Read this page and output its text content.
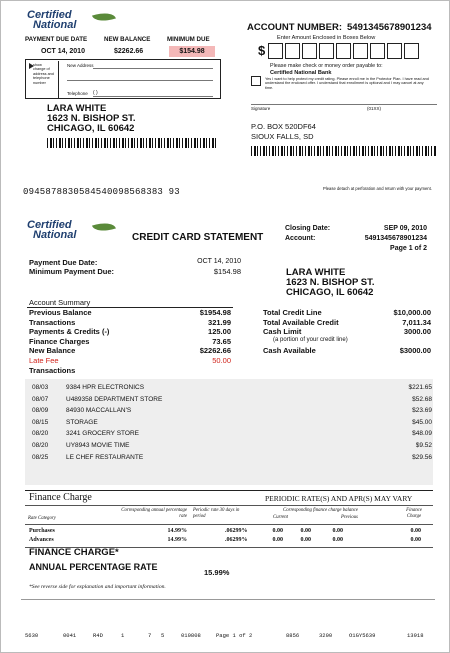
Certified
National
PAYMENT DUE DATE	NEW BALANCE	MINIMUM DUE
OCT 14, 2010	$2262.66	$154.98
show change of address and telephone number
New Address
Telephone ( )
LARA WHITE
1623 N. BISHOP ST.
CHICAGO, IL 60642
ACCOUNT NUMBER: 5491345678901234
Enter Amount Enclosed in Boxes Below
$
Please make check or money order payable to:
Certified National Bank
Yes I want to help protect my credit rating. Please enroll me in the Protector Plan. I have read and understand the enclosed offer. I understand that enrollment is optional and I may cancel at any time.
Signature	(01XX)
P.O. BOX 520DF64
SIOUX FALLS, SD
0945878830584540098568383 93	Please detach at perforation and return with your payment.
Certified
National	CREDIT CARD STATEMENT
Closing Date:	SEP 09, 2010
Account:	5491345678901234
Page 1 of 2
Payment Due Date:	OCT 14, 2010
Minimum Payment Due:	$154.98	LARA WHITE
1623 N. BISHOP ST.
CHICAGO, IL 60642
Account Summary
Previous Balance	$1954.98
Transactions	321.99
Payments & Credits (-)	125.00
Finance Charges	73.65
New Balance	$2262.66
Late Fee	50.00
Transactions
Total Credit Line	$10,000.00
Total Available Credit	7,011.34
Cash Limit	3000.00
(a portion of your credit line)
Cash Available	$3000.00
08/03	9384 HPR ELECTRONICS	$221.65
08/07	U489358 DEPARTMENT STORE	$52.68
08/09	84930 MACCALLAN'S	$23.69
08/15	STORAGE	$45.00
08/20	3241 GROCERY STORE	$48.09
08/20	UY8943 MOVIE TIME	$9.52
08/25	LE CHEF RESTAURANTE	$29.56
Finance Charge	PERIODIC RATE(S) AND APR(S) MAY VARY
Rate Category
Corresponding annual percentage rate
Periodic rate 30 days in period
Corresponding finance charge balance
Current	Previous
Finance Charge
Purchases	14.99%	.06299%	0.00	0.00	0.00	0.00
Advances	14.99%	.06299%	0.00	0.00	0.00	0.00
FINANCE CHARGE*
ANNUAL PERCENTAGE RATE
15.99%
*See reverse side for explanation and important information.
5630	0041	R4D	1	7 5	010808	Page 1 of 2	8856	3200	O1GY5639	13918
